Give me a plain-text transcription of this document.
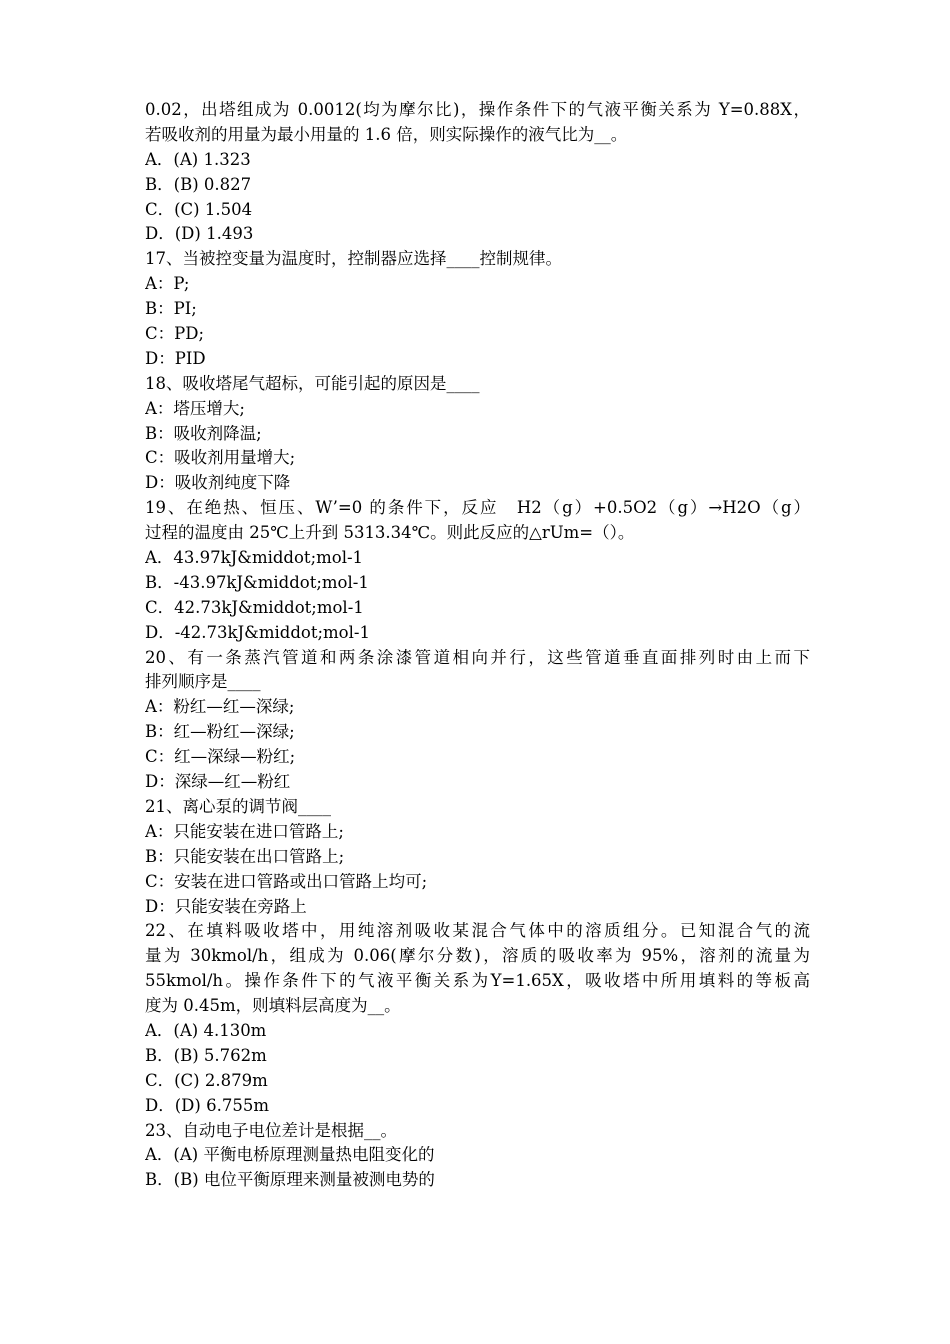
0.02，出塔组成为 0.0012(均为摩尔比)，操作条件下的气液平衡关系为 Y=0.88X，
若吸收剂的用量为最小用量的 1.6 倍，则实际操作的液气比为__。
A．(A) 1.323
B．(B) 0.827
C．(C) 1.504
D．(D) 1.493
17、当被控变量为温度时，控制器应选择____控制规律。
A：P;
B：PI;
C：PD;
D：PID
18、吸收塔尾气超标，可能引起的原因是____
A：塔压增大;
B：吸收剂降温;
C：吸收剂用量增大;
D：吸收剂纯度下降
19、在绝热、恒压、W’=0 的条件下，反应　H2（g）+0.5O2（g）→H2O（g）
过程的温度由 25℃上升到 5313.34℃。则此反应的△rUm=（）。
A．43.97kJ&middot;mol-1
B．-43.97kJ&middot;mol-1
C．42.73kJ&middot;mol-1
D．-42.73kJ&middot;mol-1
20、有一条蒸汽管道和两条涂漆管道相向并行，这些管道垂直面排列时由上而下
排列顺序是____
A：粉红—红—深绿;
B：红—粉红—深绿;
C：红—深绿—粉红;
D：深绿—红—粉红
21、离心泵的调节阀____
A：只能安装在进口管路上;
B：只能安装在出口管路上;
C：安装在进口管路或出口管路上均可;
D：只能安装在旁路上
22、在填料吸收塔中，用纯溶剂吸收某混合气体中的溶质组分。已知混合气的流
量为 30kmol/h，组成为 0.06(摩尔分数)，溶质的吸收率为 95%，溶剂的流量为
55kmol/h。操作条件下的气液平衡关系为Y=1.65X，吸收塔中所用填料的等板高
度为 0.45m，则填料层高度为__。
A．(A) 4.130m
B．(B) 5.762m
C．(C) 2.879m
D．(D) 6.755m
23、自动电子电位差计是根据__。
A．(A) 平衡电桥原理测量热电阻变化的
B．(B) 电位平衡原理来测量被测电势的
